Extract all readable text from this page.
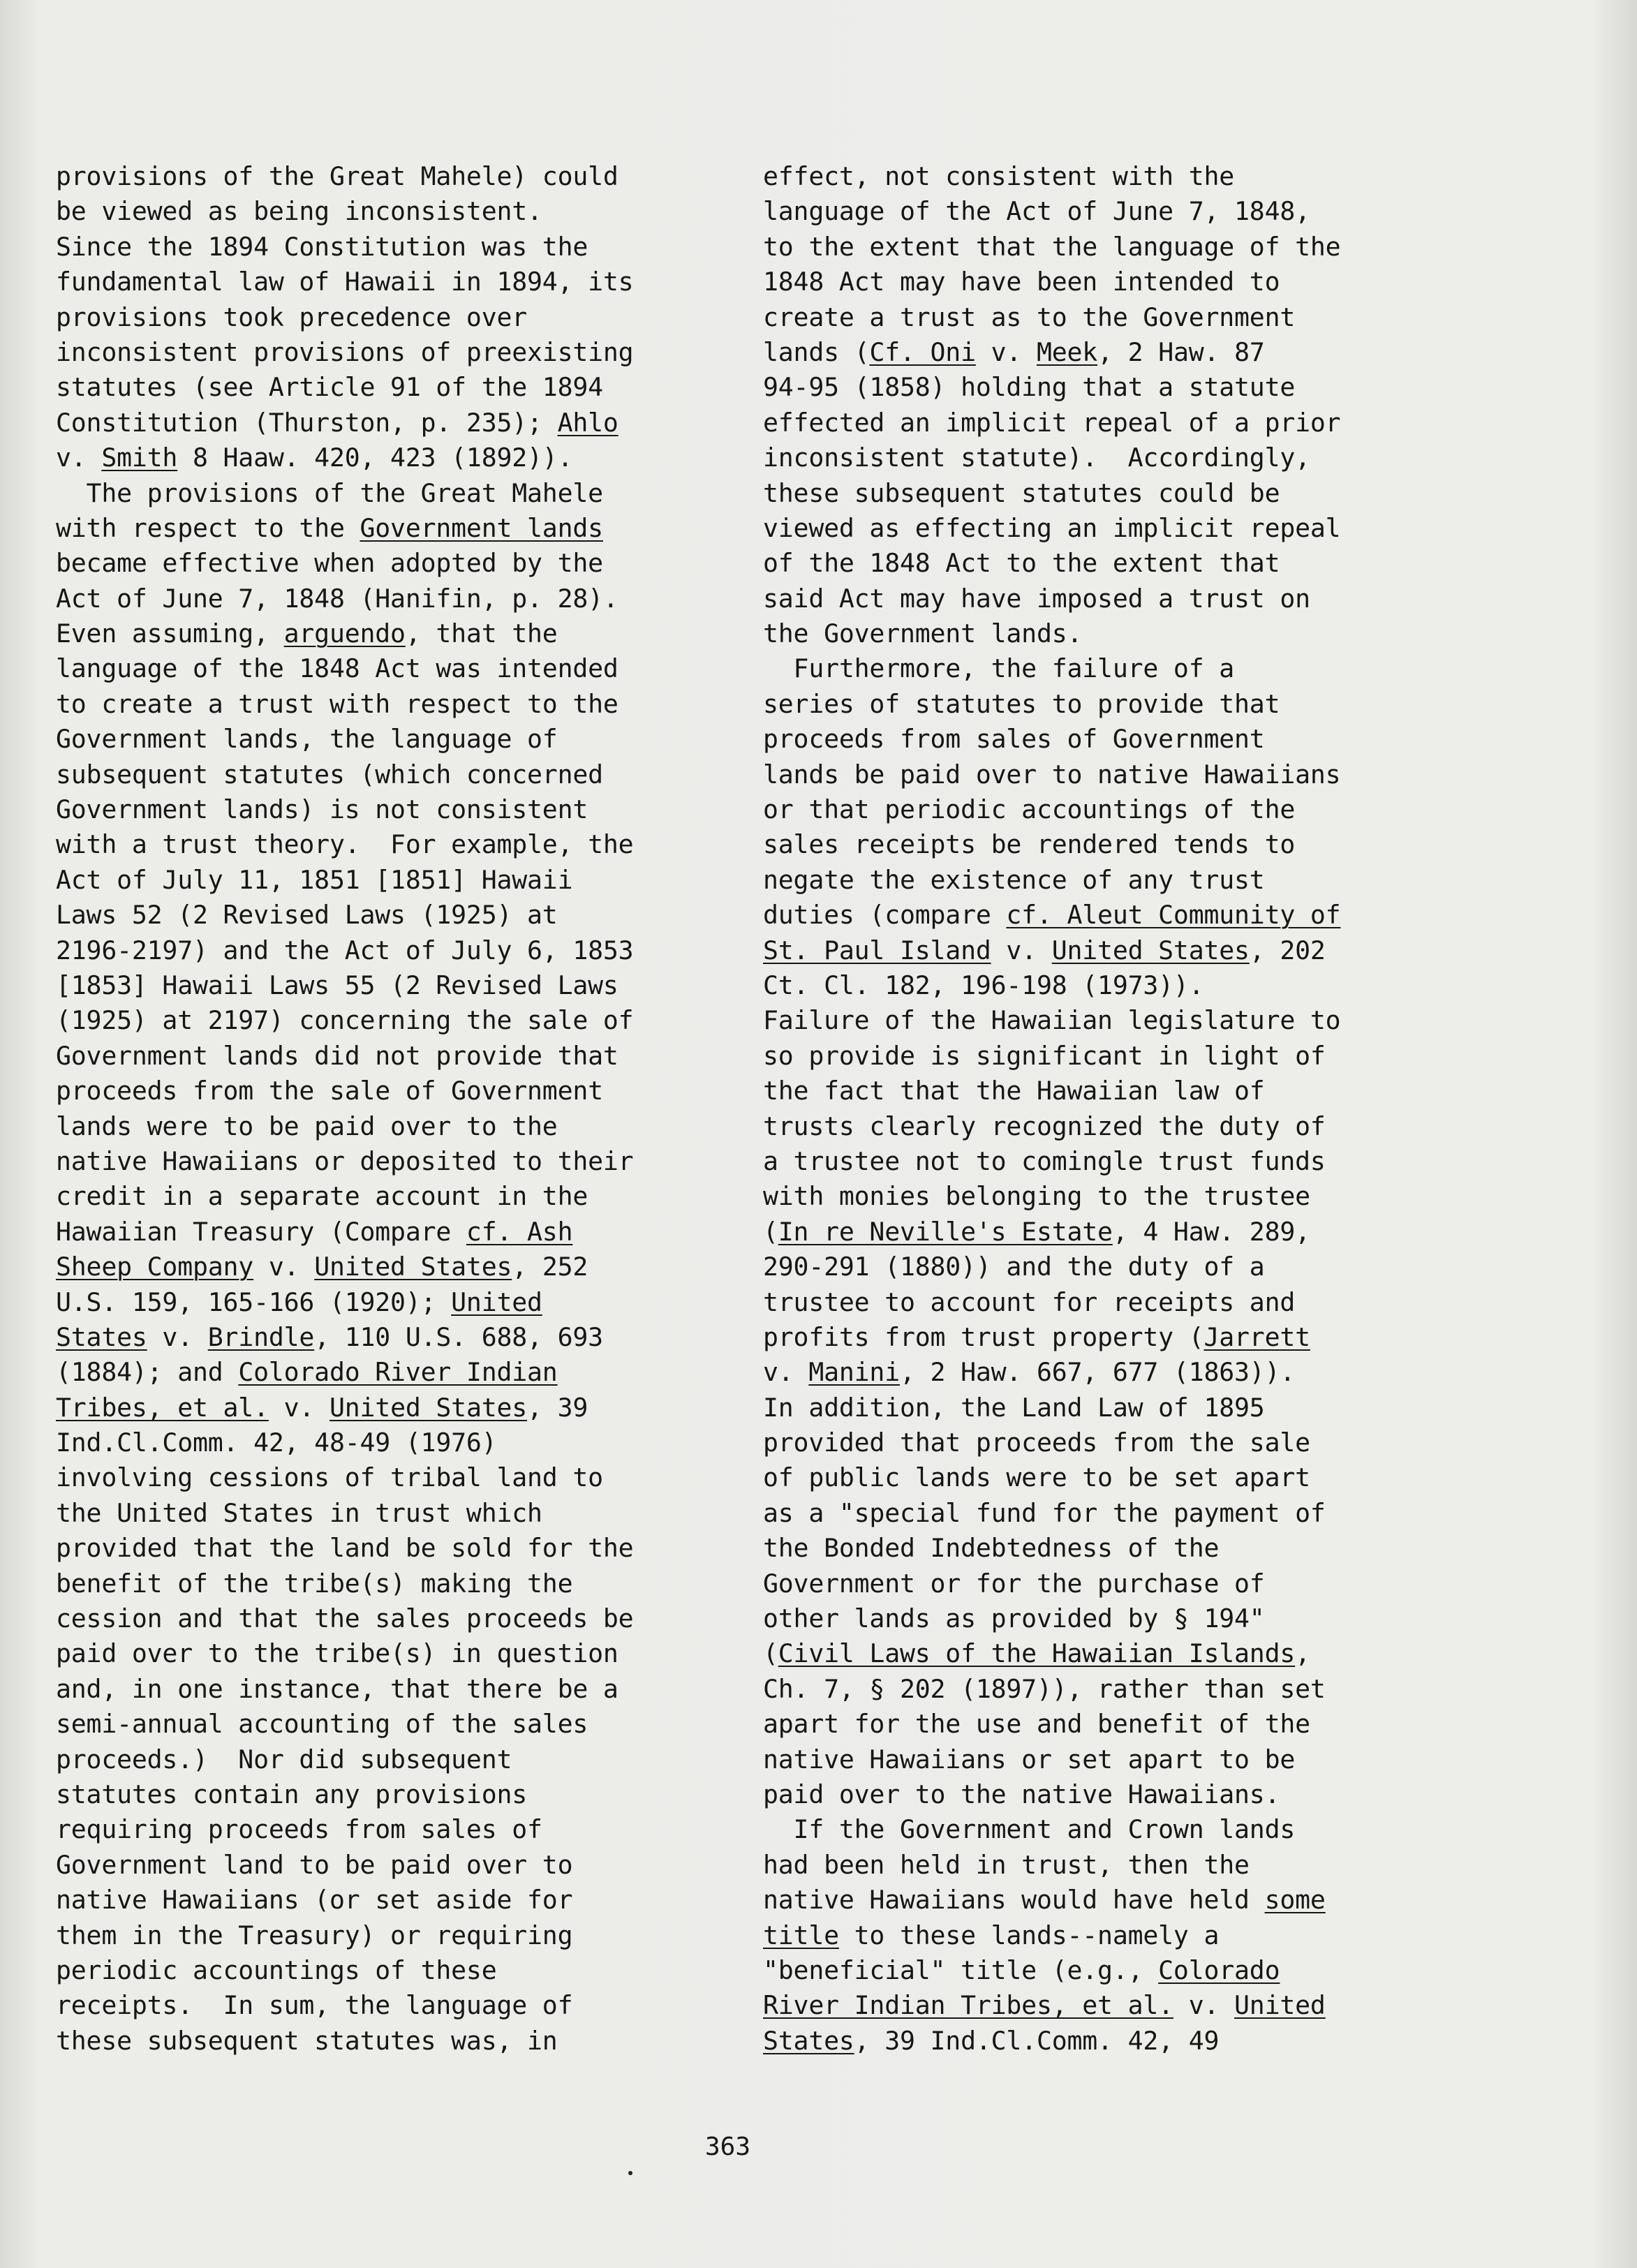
provisions of the Great Mahele) could
be viewed as being inconsistent.
Since the 1894 Constitution was the
fundamental law of Hawaii in 1894, its
provisions took precedence over
inconsistent provisions of preexisting
statutes (see Article 91 of the 1894
Constitution (Thurston, p. 235); Ahlo
v. Smith 8 Haaw. 420, 423 (1892)).
The provisions of the Great Mahele
with respect to the Government lands
became effective when adopted by the
Act of June 7, 1848 (Hanifin, p. 28).
Even assuming, arguendo, that the
language of the 1848 Act was intended
to create a trust with respect to the
Government lands, the language of
subsequent statutes (which concerned
Government lands) is not consistent
with a trust theory.  For example, the
Act of July 11, 1851 [1851] Hawaii
Laws 52 (2 Revised Laws (1925) at
2196-2197) and the Act of July 6, 1853
[1853] Hawaii Laws 55 (2 Revised Laws
(1925) at 2197) concerning the sale of
Government lands did not provide that
proceeds from the sale of Government
lands were to be paid over to the
native Hawaiians or deposited to their
credit in a separate account in the
Hawaiian Treasury (Compare cf. Ash
Sheep Company v. United States, 252
U.S. 159, 165-166 (1920); United
States v. Brindle, 110 U.S. 688, 693
(1884); and Colorado River Indian
Tribes, et al. v. United States, 39
Ind.Cl.Comm. 42, 48-49 (1976)
involving cessions of tribal land to
the United States in trust which
provided that the land be sold for the
benefit of the tribe(s) making the
cession and that the sales proceeds be
paid over to the tribe(s) in question
and, in one instance, that there be a
semi-annual accounting of the sales
proceeds.)  Nor did subsequent
statutes contain any provisions
requiring proceeds from sales of
Government land to be paid over to
native Hawaiians (or set aside for
them in the Treasury) or requiring
periodic accountings of these
receipts.  In sum, the language of
these subsequent statutes was, in
effect, not consistent with the
language of the Act of June 7, 1848,
to the extent that the language of the
1848 Act may have been intended to
create a trust as to the Government
lands (Cf. Oni v. Meek, 2 Haw. 87
94-95 (1858) holding that a statute
effected an implicit repeal of a prior
inconsistent statute).  Accordingly,
these subsequent statutes could be
viewed as effecting an implicit repeal
of the 1848 Act to the extent that
said Act may have imposed a trust on
the Government lands.
Furthermore, the failure of a
series of statutes to provide that
proceeds from sales of Government
lands be paid over to native Hawaiians
or that periodic accountings of the
sales receipts be rendered tends to
negate the existence of any trust
duties (compare cf. Aleut Community of
St. Paul Island v. United States, 202
Ct. Cl. 182, 196-198 (1973)).
Failure of the Hawaiian legislature to
so provide is significant in light of
the fact that the Hawaiian law of
trusts clearly recognized the duty of
a trustee not to comingle trust funds
with monies belonging to the trustee
(In re Neville's Estate, 4 Haw. 289,
290-291 (1880)) and the duty of a
trustee to account for receipts and
profits from trust property (Jarrett
v. Manini, 2 Haw. 667, 677 (1863)).
In addition, the Land Law of 1895
provided that proceeds from the sale
of public lands were to be set apart
as a "special fund for the payment of
the Bonded Indebtedness of the
Government or for the purchase of
other lands as provided by § 194"
(Civil Laws of the Hawaiian Islands,
Ch. 7, § 202 (1897)), rather than set
apart for the use and benefit of the
native Hawaiians or set apart to be
paid over to the native Hawaiians.
If the Government and Crown lands
had been held in trust, then the
native Hawaiians would have held some
title to these lands--namely a
"beneficial" title (e.g., Colorado
River Indian Tribes, et al. v. United
States, 39 Ind.Cl.Comm. 42, 49
363
